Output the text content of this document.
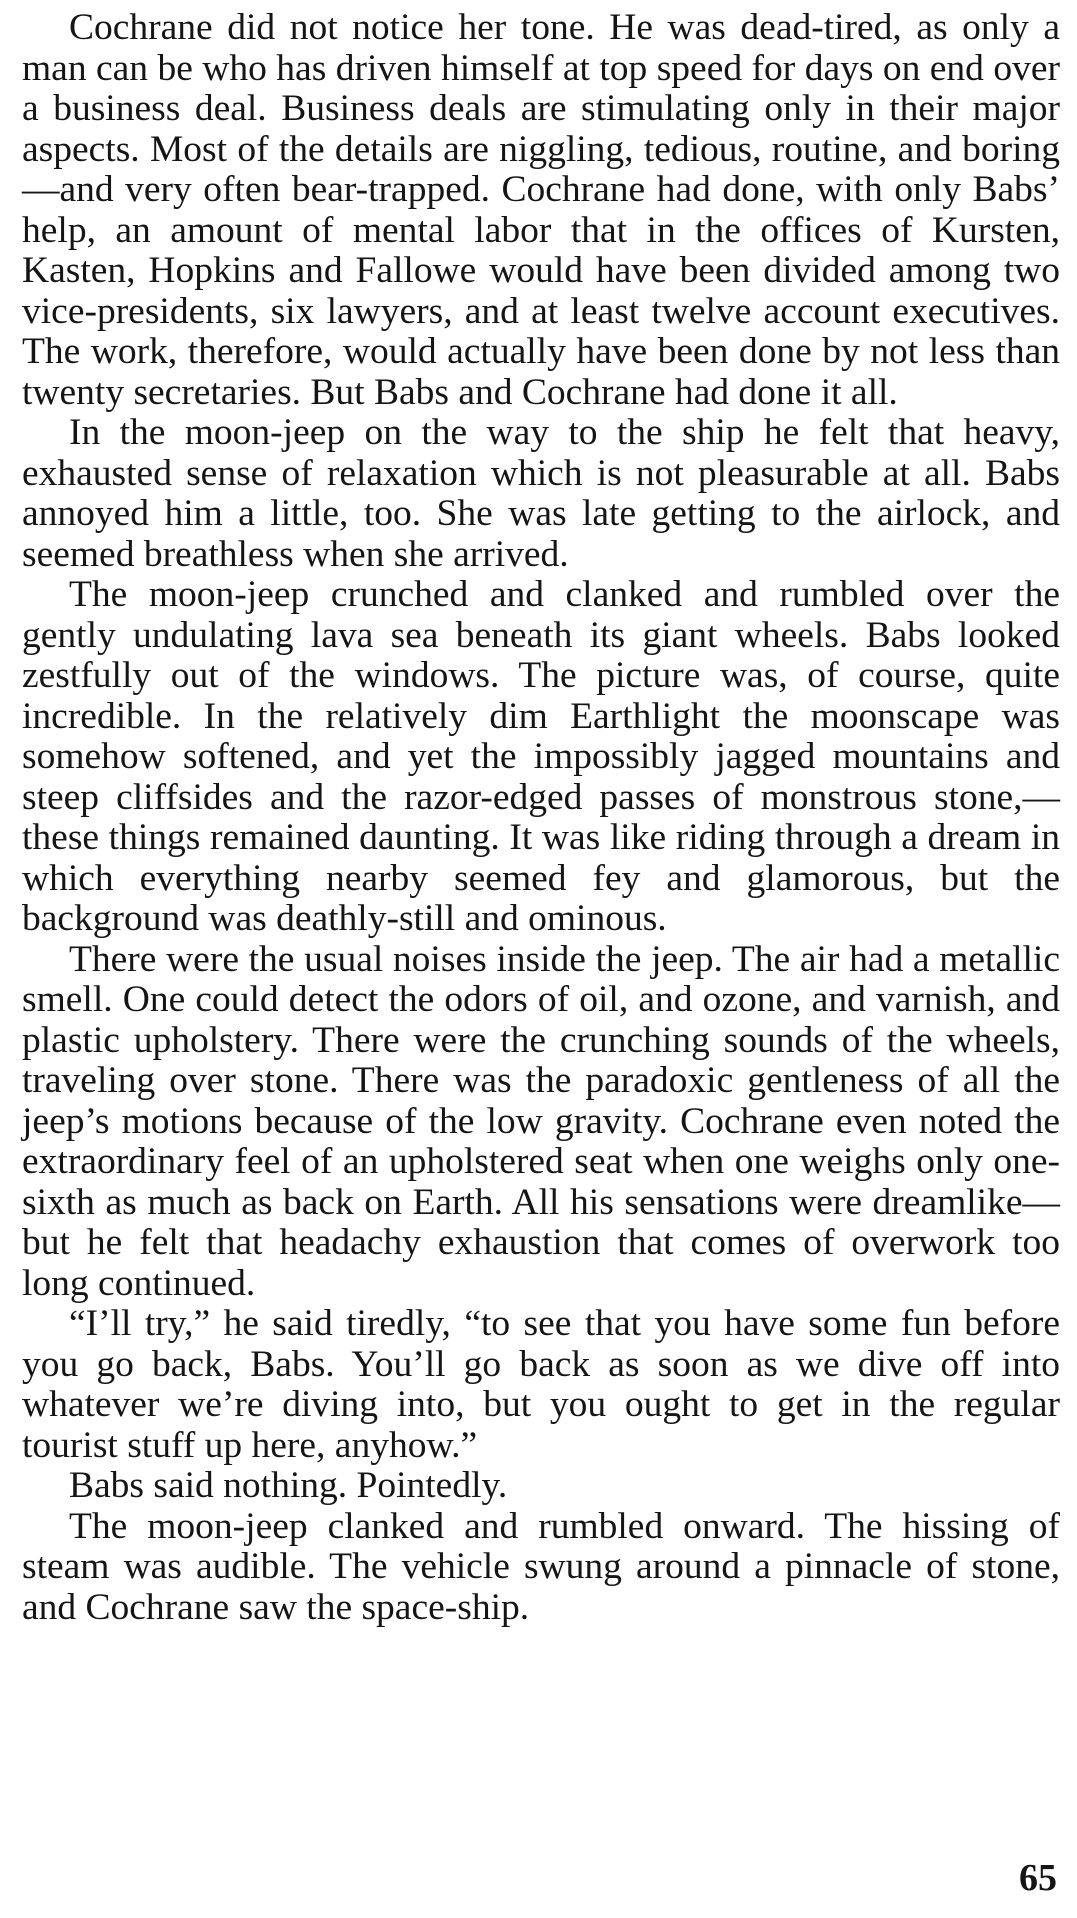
Cochrane did not notice her tone. He was dead-tired, as only a man can be who has driven himself at top speed for days on end over a business deal. Business deals are stimulating only in their major aspects. Most of the details are niggling, tedious, routine, and boring—and very often bear-trapped. Cochrane had done, with only Babs’ help, an amount of mental labor that in the offices of Kursten, Kasten, Hopkins and Fallowe would have been divided among two vice-presidents, six lawyers, and at least twelve account executives. The work, therefore, would actually have been done by not less than twenty secretaries. But Babs and Cochrane had done it all.

In the moon-jeep on the way to the ship he felt that heavy, exhausted sense of relaxation which is not pleasurable at all. Babs annoyed him a little, too. She was late getting to the airlock, and seemed breathless when she arrived.

The moon-jeep crunched and clanked and rumbled over the gently undulating lava sea beneath its giant wheels. Babs looked zestfully out of the windows. The picture was, of course, quite incredible. In the relatively dim Earthlight the moonscape was somehow softened, and yet the impossibly jagged mountains and steep cliffsides and the razor-edged passes of monstrous stone,—these things remained daunting. It was like riding through a dream in which everything nearby seemed fey and glamorous, but the background was deathly-still and ominous.

There were the usual noises inside the jeep. The air had a metallic smell. One could detect the odors of oil, and ozone, and varnish, and plastic upholstery. There were the crunching sounds of the wheels, traveling over stone. There was the paradoxic gentleness of all the jeep’s motions because of the low gravity. Cochrane even noted the extraordinary feel of an upholstered seat when one weighs only one-sixth as much as back on Earth. All his sensations were dreamlike—but he felt that headachy exhaustion that comes of overwork too long continued.

“I’ll try,” he said tiredly, “to see that you have some fun before you go back, Babs. You’ll go back as soon as we dive off into whatever we’re diving into, but you ought to get in the regular tourist stuff up here, anyhow.”

Babs said nothing. Pointedly.

The moon-jeep clanked and rumbled onward. The hissing of steam was audible. The vehicle swung around a pinnacle of stone, and Cochrane saw the space-ship.

65
